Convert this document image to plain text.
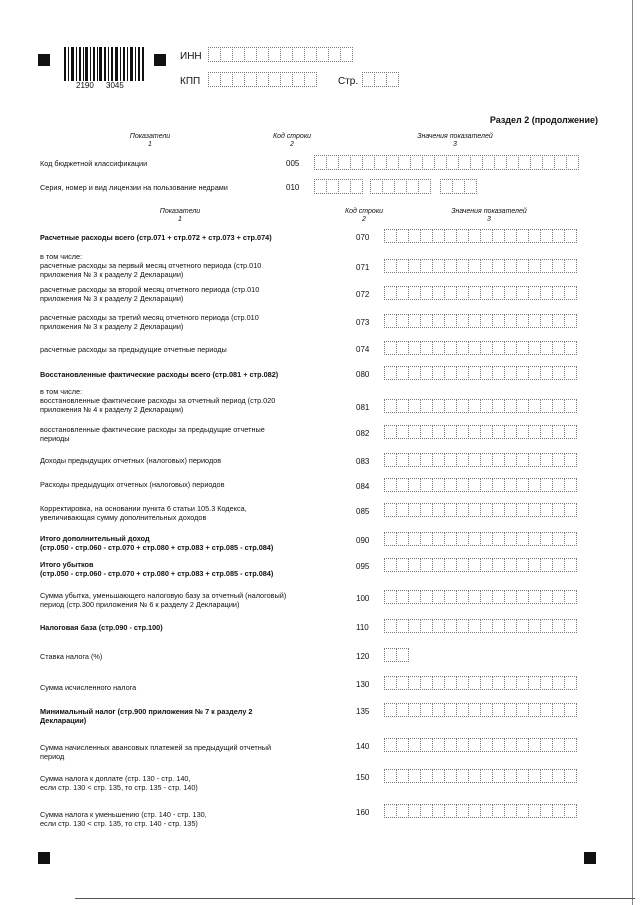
2190 3045
ИНН
КПП	Стр.
Раздел 2 (продолжение)
Показатели
1
Код строки
2
Значения показателей
3
Код бюджетной классификации	005
Серия, номер и вид лицензии на пользование недрами	010
Показатели
1
Код строки
2
Значения показателей
3
Расчетные расходы всего (стр.071 + стр.072 + стр.073 + стр.074)	070
в том числе:
расчетные расходы за первый месяц отчетного периода (стр.010
приложения № 3 к разделу 2 Декларации)
071
расчетные расходы за второй месяц отчетного периода (стр.010
приложения № 3 к разделу 2 Декларации)	072
расчетные расходы за третий месяц отчетного периода (стр.010
приложения № 3 к разделу 2 Декларации)	073
расчетные расходы за предыдущие отчетные периоды	074
Восстановленные фактические расходы всего (стр.081 + стр.082)	080
в том числе:
восстановленные фактические расходы за отчетный период (стр.020
приложения № 4 к разделу 2 Декларации)	081
восстановленные фактические расходы за предыдущие отчетные
периоды
082
Доходы предыдущих отчетных (налоговых) периодов	083
Расходы предыдущих отчетных (налоговых) периодов	084
Корректировка, на основании пункта 6 статьи 105.3 Кодекса,
увеличивающая сумму дополнительных доходов
085
Итого дополнительный доход
(стр.050 - стр.060 - стр.070 + стр.080 + стр.083 + стр.085 - стр.084)
090
Итого убытков
(стр.050 - стр.060 - стр.070 + стр.080 + стр.083 + стр.085 - стр.084)
095
Сумма убытка, уменьшающего налоговую базу за отчетный (налоговый)
период (стр.300 приложения № 6 к разделу 2 Декларации)
100
Налоговая база (стр.090 - стр.100)	110
Ставка налога (%)	120
Сумма исчисленного налога	130
Минимальный налог (стр.900 приложения № 7 к разделу 2
Декларации)
135
Сумма начисленных авансовых платежей за предыдущий отчетный
период
140
Сумма налога к доплате (стр. 130 - стр. 140,
если стр. 130 < стр. 135, то стр. 135 - стр. 140)
150
Сумма налога к уменьшению (стр. 140 - стр. 130,
если стр. 130 < стр. 135, то стр. 140 - стр. 135)
160
